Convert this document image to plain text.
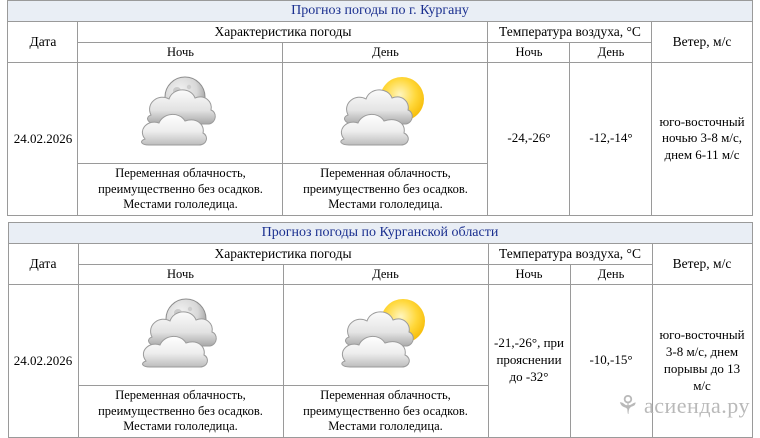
Прогноз погоды по г. Кургану					
Дата	Характеристика погоды		Температура воздуха, °С		Ветер, м/с
	Ночь	День	Ночь	День	
24.02.2026			-24,-26°	-12,-14°	юго-восточный ночью 3-8 м/с, днем 6-11 м/с
	Переменная облачность, преимущественно без осадков. Местами гололедица.	Переменная облачность, преимущественно без осадков. Местами гололедица.			
Прогноз погоды по Курганской области					
Дата	Характеристика погоды		Температура воздуха, °С		Ветер, м/с
	Ночь	День	Ночь	День	
24.02.2026			-21,-26°, при прояснении до -32°	-10,-15°	юго-восточный 3-8 м/с, днем порывы до 13 м/с
	Переменная облачность, преимущественно без осадков. Местами гололедица.	Переменная облачность, преимущественно без осадков. Местами гололедица.			
⚘ асиенда.ру
